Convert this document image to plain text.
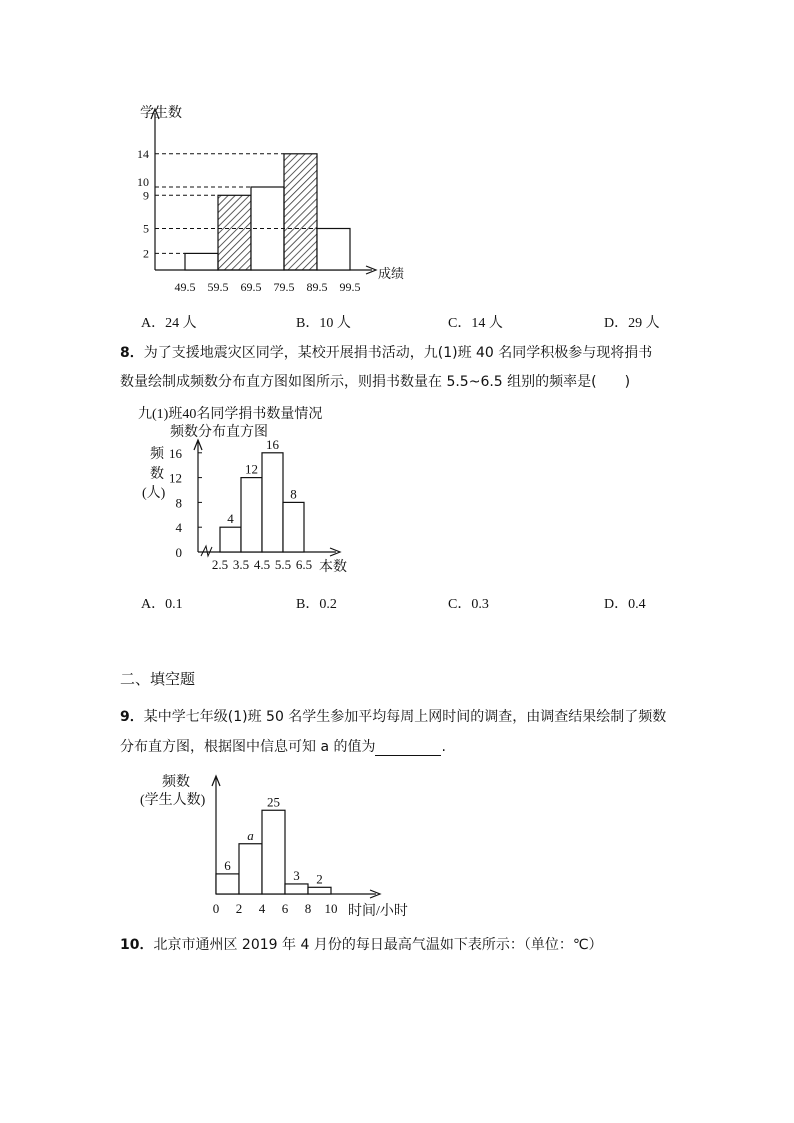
学生数
成绩
2
9
10
14
5
49.5 59.5 69.5 79.5 89.5 99.5
A．24 人	B．10 人	C．14 人	D．29 人
8．为了支援地震灾区同学，某校开展捐书活动，九(1)班 40 名同学积极参与现将捐书
数量绘制成频数分布直方图如图所示，则捐书数量在 5.5~6.5 组别的频率是(　　)
九(1)班40名同学捐书数量情况
频数分布直方图
频
数
(人)
0
4
8
12
16
4
12
16
8
2.5 3.5 4.5 5.5 6.5 本数
A．0.1	B．0.2	C．0.3	D．0.4
二、填空题
9．某中学七年级(1)班 50 名学生参加平均每周上网时间的调查，由调查结果绘制了频数
分布直方图，根据图中信息可知 a 的值为	.
频数
(学生人数)
6
a
25
3 2
0 2 4 6 8 10 时间/小时
10．北京市通州区 2019 年 4 月份的每日最高气温如下表所示：（单位：℃）
